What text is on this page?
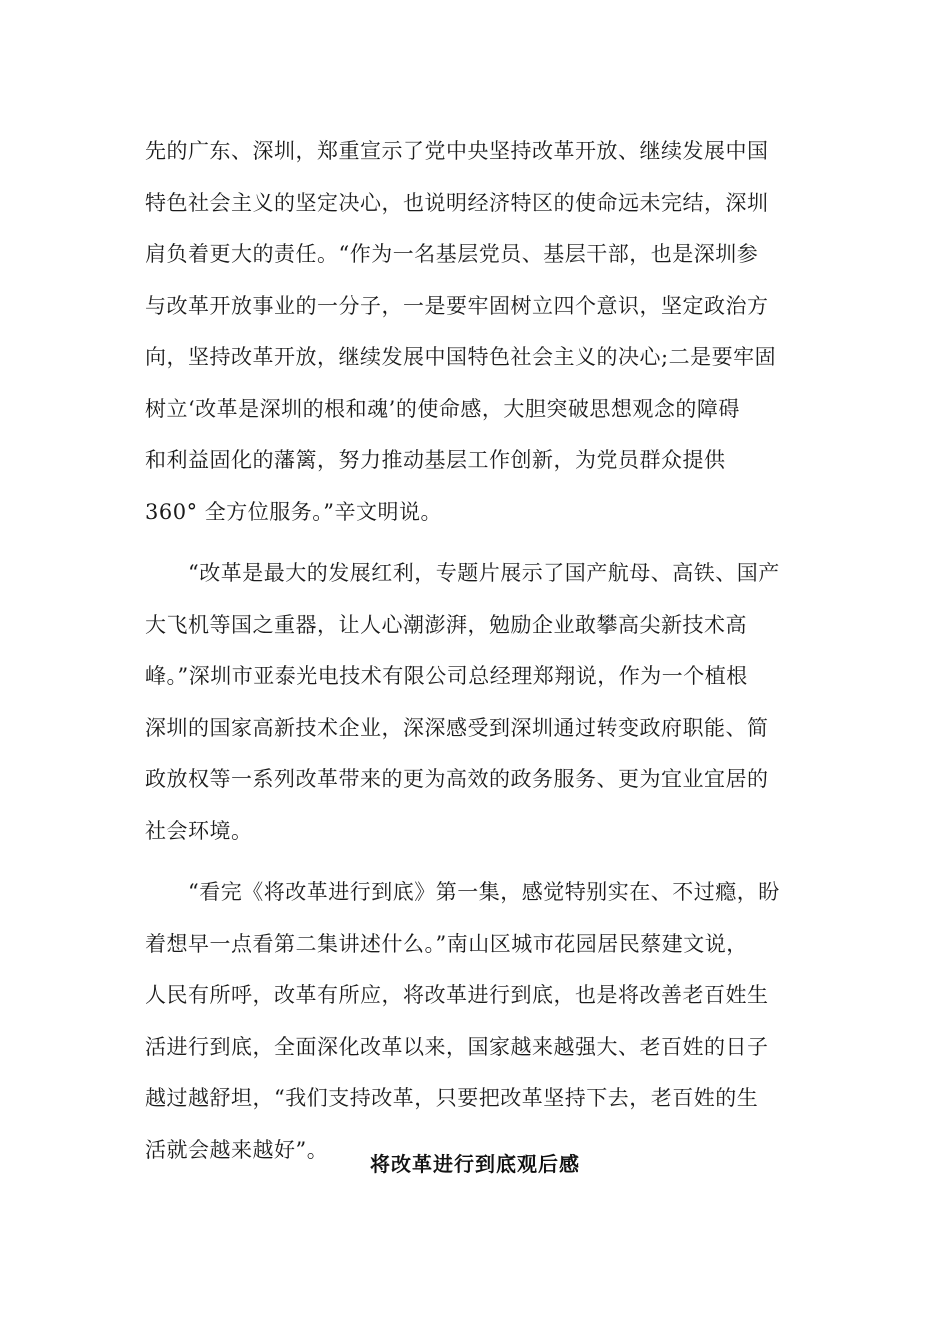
先的广东、深圳，郑重宣示了党中央坚持改革开放、继续发展中国
特色社会主义的坚定决心，也说明经济特区的使命远未完结，深圳
肩负着更大的责任。“作为一名基层党员、基层干部，也是深圳参
与改革开放事业的一分子，一是要牢固树立四个意识，坚定政治方
向，坚持改革开放，继续发展中国特色社会主义的决心;二是要牢固
树立‘改革是深圳的根和魂’的使命感，大胆突破思想观念的障碍
和利益固化的藩篱，努力推动基层工作创新，为党员群众提供
360° 全方位服务。”辛文明说。
　　“改革是最大的发展红利，专题片展示了国产航母、高铁、国产
大飞机等国之重器，让人心潮澎湃，勉励企业敢攀高尖新技术高
峰。”深圳市亚泰光电技术有限公司总经理郑翔说，作为一个植根
深圳的国家高新技术企业，深深感受到深圳通过转变政府职能、简
政放权等一系列改革带来的更为高效的政务服务、更为宜业宜居的
社会环境。
　　“看完《将改革进行到底》第一集，感觉特别实在、不过瘾，盼
着想早一点看第二集讲述什么。”南山区城市花园居民蔡建文说，
人民有所呼，改革有所应，将改革进行到底，也是将改善老百姓生
活进行到底，全面深化改革以来，国家越来越强大、老百姓的日子
越过越舒坦，“我们支持改革，只要把改革坚持下去，老百姓的生
活就会越来越好”。
将改革进行到底观后感
